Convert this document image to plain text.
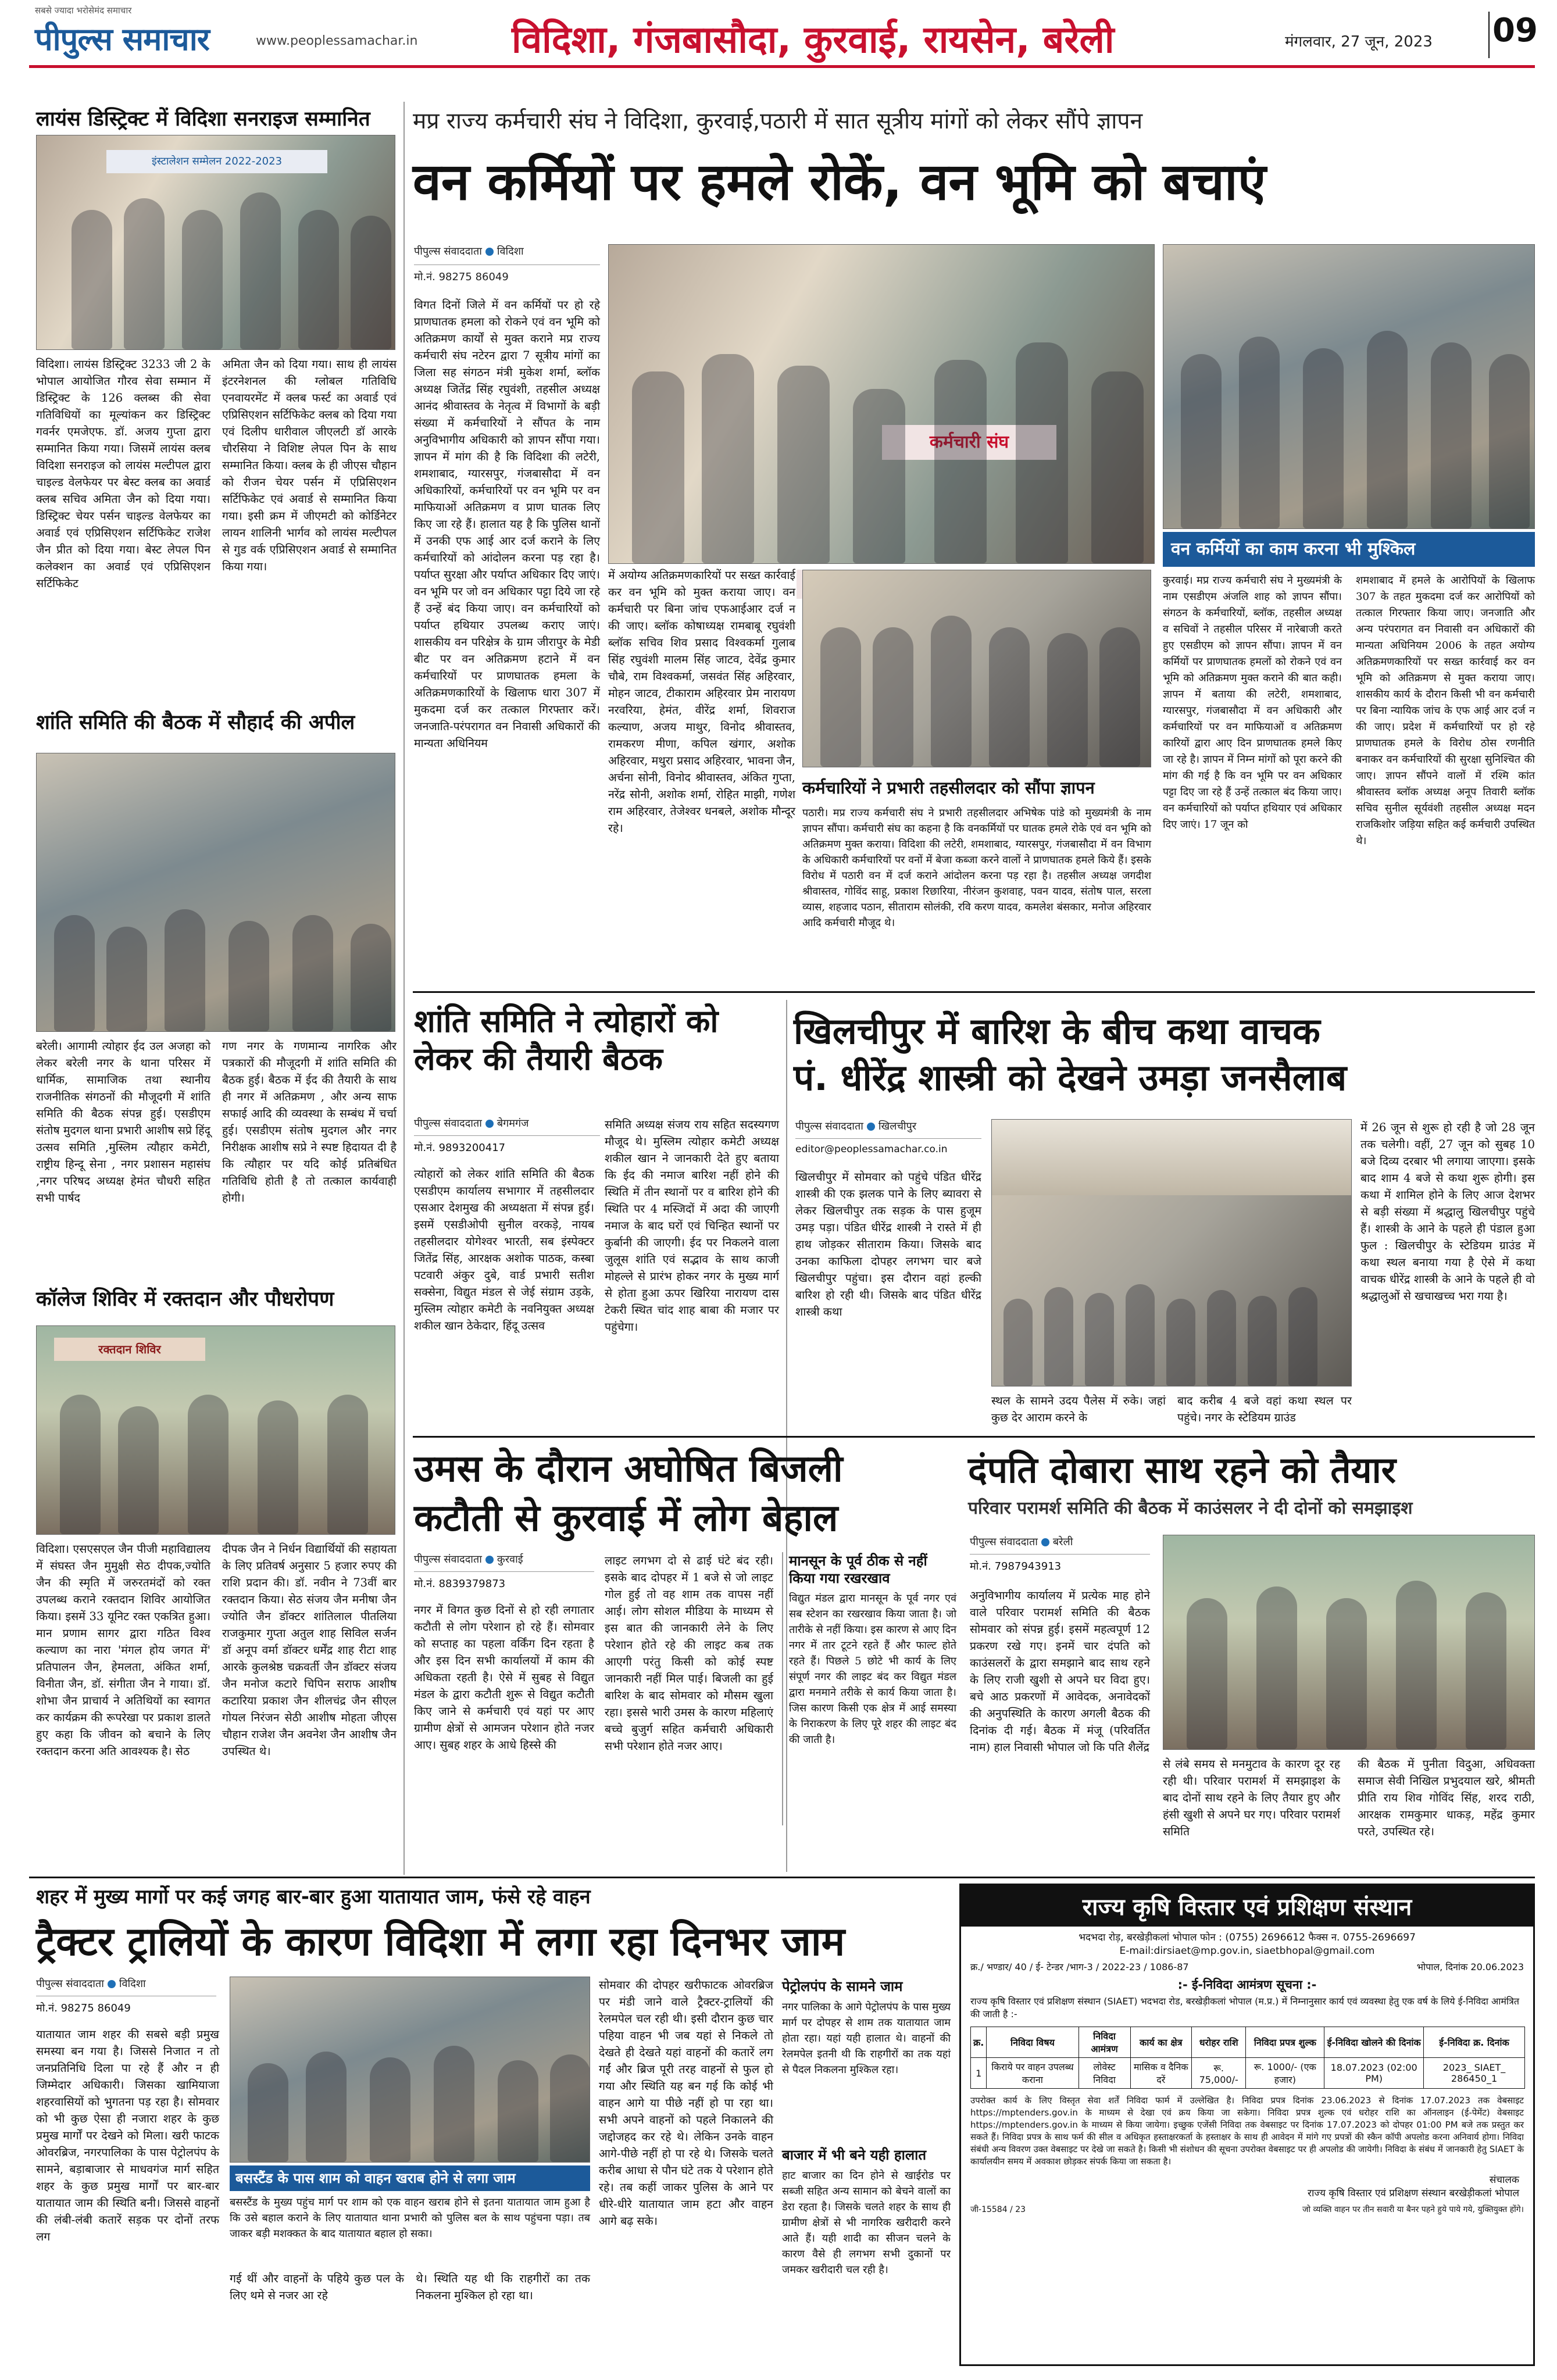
सबसे ज्यादा भरोसेमंद समाचार
पीपुल्स समाचार	www.peoplessamachar.in	विदिशा, गंजबासौदा, कुरवाई, रायसेन, बरेली	मंगलवार, 27 जून, 2023 09
लायंस डिस्ट्रिक्ट में विदिशा सनराइज सम्मानित
इंस्टालेशन सम्मेलन 2022-2023

विदिशा। लायंस डिस्ट्रिक्ट 3233 जी 2 के भोपाल आयोजित गौरव सेवा सम्मान में डिस्ट्रिक्ट के 126 क्लब्स की सेवा गतिविधियों का मूल्यांकन कर डिस्ट्रिक्ट गवर्नर एमजेएफ. डॉ. अजय गुप्ता द्वारा सम्मानित किया गया। जिसमें लायंस क्लब विदिशा सनराइज को लायंस मल्टीपल द्वारा चाइल्ड वेलफेयर पर बेस्ट क्लब का अवार्ड क्लब सचिव अमिता जैन को दिया गया। डिस्ट्रिक्ट चेयर पर्सन चाइल्ड वेलफेयर का अवार्ड एवं एप्रिसिएशन सर्टिफिकेट राजेश जैन प्रीत को दिया गया। बेस्ट लेपल पिन कलेक्शन का अवार्ड एवं एप्रिसिएशन सर्टिफिकेट

अमिता जैन को दिया गया। साथ ही लायंस इंटरनेशनल की ग्लोबल गतिविधि एनवायरमेंट में क्लब फर्स्ट का अवार्ड एवं एप्रिसिएशन सर्टिफिकेट क्लब को दिया गया एवं दिलीप धारीवाल जीएलटी डॉ आरके चौरसिया ने विशिष्ट लेपल पिन के साथ सम्मानित किया। क्लब के ही जीएस चौहान को रीजन चेयर पर्सन में एप्रिसिएशन सर्टिफिकेट एवं अवार्ड से सम्मानित किया गया। इसी क्रम में जीएमटी को कोर्डिनेटर लायन शालिनी भार्गव को लायंस मल्टीपल से गुड वर्क एप्रिसिएशन अवार्ड से सम्मानित किया गया।

शांति समिति की बैठक में सौहार्द की अपील

बरेली। आगामी त्योहार ईद उल अजहा को लेकर बरेली नगर के थाना परिसर में धार्मिक, सामाजिक तथा स्थानीय राजनीतिक संगठनों की मौजूदगी में शांति समिति की बैठक संपन्न हुई। एसडीएम संतोष मुदगल थाना प्रभारी आशीष सप्रे हिंदू उत्सव समिति ,मुस्लिम त्यौहार कमेटी, राष्ट्रीय हिन्दू सेना , नगर प्रशासन महासंघ ,नगर परिषद अध्यक्ष हेमंत चौधरी सहित सभी पार्षद

गण नगर के गणमान्य नागरिक और पत्रकारों की मौजूदगी में शांति समिति की बैठक हुई। बैठक में ईद की तैयारी के साथ ही नगर में अतिक्रमण , और अन्य साफ सफाई आदि की व्यवस्था के सम्बंध में चर्चा हुई। एसडीएम संतोष मुदगल और नगर निरीक्षक आशीष सप्रे ने स्पष्ट हिदायत दी है कि त्यौहार पर यदि कोई प्रतिबंधित गतिविधि होती है तो तत्काल कार्यवाही होगी।

कॉलेज शिविर में रक्तदान और पौधरोपण
रक्तदान शिविर

विदिशा। एसएसएल जैन पीजी महाविद्यालय में संघस्त जैन मुमुक्षी सेठ दीपक,ज्योति जैन की स्मृति में जरुरतमंदों को रक्त उपलब्ध कराने रक्तदान शिविर आयोजित किया। इसमें 33 यूनिट रक्त एकत्रित हुआ। मान प्रणाम सागर द्वारा गठित विश्व कल्याण का नारा 'मंगल होय जगत में' प्रतिपालन जैन, हेमलता, अंकित शर्मा, विनीता जैन, डॉ. संगीता जैन ने गाया। डॉ. शोभा जैन प्राचार्य ने अतिथियों का स्वागत कर कार्यक्रम की रूपरेखा पर प्रकाश डालते हुए कहा कि जीवन को बचाने के लिए रक्तदान करना अति आवश्यक है। सेठ

दीपक जैन ने निर्धन विद्यार्थियों की सहायता के लिए प्रतिवर्ष अनुसार 5 हजार रुपए की राशि प्रदान की। डॉ. नवीन ने 73वीं बार रक्तदान किया। सेठ संजय जैन मनीषा जैन ज्योति जैन डॉक्टर शांतिलाल पीतलिया राजकुमार गुप्ता अतुल शाह सिविल सर्जन डॉ अनूप वर्मा डॉक्टर धर्मेंद्र शाह रीटा शाह आरके कुलश्रेष्ठ चक्रवर्ती जैन डॉक्टर संजय जैन मनोज कटारे चिपिन सराफ आशीष कटारिया प्रकाश जैन शीलचंद्र जैन सीएल गोयल निरंजन सेठी आशीष मोहता जीएस चौहान राजेश जैन अवनेश जैन आशीष जैन उपस्थित थे।

मप्र राज्य कर्मचारी संघ ने विदिशा, कुरवाई,पठारी में सात सूत्रीय मांगों को लेकर सौंपे ज्ञापन
वन कर्मियों पर हमले रोकें, वन भूमि को बचाएं
पीपुल्स संवाददाता विदिशा
मो.नं. 98275 86049

विगत दिनों जिले में वन कर्मियों पर हो रहे प्राणघातक हमला को रोकने एवं वन भूमि को अतिक्रमण कार्यों से मुक्त कराने मप्र राज्य कर्मचारी संघ नटेरन द्वारा 7 सूत्रीय मांगों का जिला सह संगठन मंत्री मुकेश शर्मा, ब्लॉक अध्यक्ष जितेंद्र सिंह रघुवंशी, तहसील अध्यक्ष आनंद श्रीवास्तव के नेतृत्व में विभागों के बड़ी संख्या में कर्मचारियों ने सौंपत के नाम अनुविभागीय अधिकारी को ज्ञापन सौंपा गया। ज्ञापन में मांग की है कि विदिशा की लटेरी, शमशाबाद, ग्यारसपुर, गंजबासौदा में वन अधिकारियों, कर्मचारियों पर वन भूमि पर वन माफियाओं अतिक्रमण व प्राण घातक लिए किए जा रहे हैं। हालात यह है कि पुलिस थानों में उनकी एफ आई आर दर्ज कराने के लिए कर्मचारियों को आंदोलन करना पड़ रहा है। पर्याप्त सुरक्षा और पर्याप्त अधिकार दिए जाएं। वन भूमि पर जो वन अधिकार पट्टा दिये जा रहे हैं उन्हें बंद किया जाए। वन कर्मचारियों को पर्याप्त हथियार उपलब्ध कराए जाएं। शासकीय वन परिक्षेत्र के ग्राम जीरापुर के मेडी बीट पर वन अतिक्रमण हटाने में वन कर्मचारियों पर प्राणघातक हमला के अतिक्रमणकारियों के खिलाफ धारा 307 में मुकदमा दर्ज कर तत्काल गिरफ्तार करें। जनजाति-परंपरागत वन निवासी अधिकारों की मान्यता अधिनियम

में अयोग्य अतिक्रमणकारियों पर सख्त कार्रवाई कर वन भूमि को मुक्त कराया जाए। वन कर्मचारी पर बिना जांच एफआईआर दर्ज न की जाए। ब्लॉक कोषाध्यक्ष रामबाबू रघुवंशी ब्लॉक सचिव शिव प्रसाद विश्वकर्मा गुलाब सिंह रघुवंशी मालम सिंह जाटव, देवेंद्र कुमार चौबे, राम विश्वकर्मा, जसवंत सिंह अहिरवार, मोहन जाटव, टीकाराम अहिरवार प्रेम नारायण नरवरिया, हेमंत, वीरेंद्र शर्मा, शिवराज कल्याण, अजय माथुर, विनोद श्रीवास्तव, रामकरण मीणा, कपिल खंगार, अशोक अहिरवार, मथुरा प्रसाद अहिरवार, भावना जैन, अर्चना सोनी, विनोद श्रीवास्तव, अंकित गुप्ता, नरेंद्र सोनी, अशोक शर्मा, रोहित माझी, गणेश राम अहिरवार, तेजेश्वर धनबले, अशोक मौन्दूर रहे।

कर्मचारी संघ
कर्मचारियों ने प्रभारी तहसीलदार को सौंपा ज्ञापन

पठारी। मप्र राज्य कर्मचारी संघ ने प्रभारी तहसीलदार अभिषेक पांडे को मुख्यमंत्री के नाम ज्ञापन सौंपा। कर्मचारी संघ का कहना है कि वनकर्मियों पर घातक हमले रोके एवं वन भूमि को अतिक्रमण मुक्त कराया। विदिशा की लटेरी, शमशाबाद, ग्यारसपुर, गंजबासौदा में वन विभाग के अधिकारी कर्मचारियों पर वनों में बेजा कब्जा करने वालों ने प्राणघातक हमले किये हैं। इसके विरोध में पठारी वन में दर्ज कराने आंदोलन करना पड़ रहा है। तहसील अध्यक्ष जगदीश श्रीवास्तव, गोविंद साहू, प्रकाश रिछारिया, नीरंजन कुशवाह, पवन यादव, संतोष पाल, सरला व्यास, शहजाद पठान, सीताराम सोलंकी, रवि करण यादव, कमलेश बंसकार, मनोज अहिरवार आदि कर्मचारी मौजूद थे।

वन कर्मियों का काम करना भी मुश्किल

कुरवाई। मप्र राज्य कर्मचारी संघ ने मुख्यमंत्री के नाम एसडीएम अंजलि शाह को ज्ञापन सौंपा। संगठन के कर्मचारियों, ब्लॉक, तहसील अध्यक्ष व सचिवों ने तहसील परिसर में नारेबाजी करते हुए एसडीएम को ज्ञापन सौंपा। ज्ञापन में वन कर्मियों पर प्राणघातक हमलों को रोकने एवं वन भूमि को अतिक्रमण मुक्त कराने की बात कही। ज्ञापन में बताया की लटेरी, शमशाबाद, ग्यारसपुर, गंजबासौदा में वन अधिकारी और कर्मचारियों पर वन माफियाओं व अतिक्रमण कारियों द्वारा आए दिन प्राणघातक हमले किए जा रहे है। ज्ञापन में निम्न मांगों को पूरा करने की मांग की गई है कि वन भूमि पर वन अधिकार पट्टा दिए जा रहे हैं उन्हें तत्काल बंद किया जाए। वन कर्मचारियों को पर्याप्त हथियार एवं अधिकार दिए जाएं। 17 जून को

शमशाबाद में हमले के आरोपियों के खिलाफ 307 के तहत मुकदमा दर्ज कर आरोपियों को तत्काल गिरफ्तार किया जाए। जनजाति और अन्य परंपरागत वन निवासी वन अधिकारों की मान्यता अधिनियम 2006 के तहत अयोग्य अतिक्रमणकारियों पर सख्त कार्रवाई कर वन भूमि को अतिक्रमण से मुक्त कराया जाए। शासकीय कार्य के दौरान किसी भी वन कर्मचारी पर बिना न्यायिक जांच के एफ आई आर दर्ज न की जाए। प्रदेश में कर्मचारियों पर हो रहे प्राणघातक हमले के विरोध ठोस रणनीति बनाकर वन कर्मचारियों की सुरक्षा सुनिश्चित की जाए। ज्ञापन सौंपने वालों में रश्मि कांत श्रीवास्तव ब्लॉक अध्यक्ष अनूप तिवारी ब्लॉक सचिव सुनील सूर्यवंशी तहसील अध्यक्ष मदन राजकिशोर जड़िया सहित कई कर्मचारी उपस्थित थे।

शांति समिति ने त्योहारों को लेकर की तैयारी बैठक
पीपुल्स संवाददाता बेगमगंज
मो.नं. 9893200417

त्योहारों को लेकर शांति समिति की बैठक एसडीएम कार्यालय सभागार में तहसीलदार एसआर देशमुख की अध्यक्षता में संपन्न हुई। इसमें एसडीओपी सुनील वरकड़े, नायब तहसीलदार योगेश्वर भारती, सब इंस्पेक्टर जितेंद्र सिंह, आरक्षक अशोक पाठक, कस्बा पटवारी अंकुर दुबे, वार्ड प्रभारी सतीश सक्सेना, विद्युत मंडल से जेई संग्राम उड़के, मुस्लिम त्योहार कमेटी के नवनियुक्त अध्यक्ष शकील खान ठेकेदार, हिंदू उत्सव

समिति अध्यक्ष संजय राय सहित सदस्यगण मौजूद थे। मुस्लिम त्योहार कमेटी अध्यक्ष शकील खान ने जानकारी देते हुए बताया कि ईद की नमाज बारिश नहीं होने की स्थिति में तीन स्थानों पर व बारिश होने की स्थिति पर 4 मस्जिदों में अदा की जाएगी नमाज के बाद घरों एवं चिन्हित स्थानों पर कुर्बानी की जाएगी। ईद पर निकलने वाला जुलूस शांति एवं सद्भाव के साथ काजी मोहल्ले से प्रारंभ होकर नगर के मुख्य मार्ग से होता हुआ ऊपर खिरिया नारायण दास टेकरी स्थित चांद शाह बाबा की मजार पर पहुंचेगा।

खिलचीपुर में बारिश के बीच कथा वाचक
पं. धीरेंद्र शास्त्री को देखने उमड़ा जनसैलाब
पीपुल्स संवाददाता खिलचीपुर
editor@peoplessamachar.co.in

खिलचीपुर में सोमवार को पहुंचे पंडित धीरेंद्र शास्त्री की एक झलक पाने के लिए ब्यावरा से लेकर खिलचीपुर तक सड़क के पास हुजूम उमड़ पड़ा। पंडित धीरेंद्र शास्त्री ने रास्ते में ही हाथ जोड़कर सीताराम किया। जिसके बाद उनका काफिला दोपहर लगभग चार बजे खिलचीपुर पहुंचा। इस दौरान वहां हल्की बारिश हो रही थी। जिसके बाद पंडित धीरेंद्र शास्त्री कथा

स्थल के सामने उदय पैलेस में रुके। जहां कुछ देर आराम करने के

बाद करीब 4 बजे वहां कथा स्थल पर पहुंचे। नगर के स्टेडियम ग्राउंड

में 26 जून से शुरू हो रही है जो 28 जून तक चलेगी। वहीं, 27 जून को सुबह 10 बजे दिव्य दरबार भी लगाया जाएगा। इसके बाद शाम 4 बजे से कथा शुरू होगी। इस कथा में शामिल होने के लिए आज देशभर से बड़ी संख्या में श्रद्धालु खिलचीपुर पहुंचे हैं। शास्त्री के आने के पहले ही पंडाल हुआ फुल : खिलचीपुर के स्टेडियम ग्राउंड में कथा स्थल बनाया गया है ऐसे में कथा वाचक धीरेंद्र शास्त्री के आने के पहले ही वो श्रद्धालुओं से खचाखच्च भरा गया है।

उमस के दौरान अघोषित बिजली
कटौती से कुरवाई में लोग बेहाल
पीपुल्स संवाददाता कुरवाई
मो.नं. 8839379873

नगर में विगत कुछ दिनों से हो रही लगातार कटौती से लोग परेशान हो रहे हैं। सोमवार को सप्ताह का पहला वर्किंग दिन रहता है और इस दिन सभी कार्यालयों में काम की अधिकता रहती है। ऐसे में सुबह से विद्युत मंडल के द्वारा कटौती शुरू से विद्युत कटौती किए जाने से कर्मचारी एवं यहां पर आए ग्रामीण क्षेत्रों से आमजन परेशान होते नजर आए। सुबह शहर के आधे हिस्से की

लाइट लगभग दो से ढाई घंटे बंद रही। इसके बाद दोपहर में 1 बजे से जो लाइट गोल हुई तो वह शाम तक वापस नहीं आई। लोग सोशल मीडिया के माध्यम से इस बात की जानकारी लेने के लिए परेशान होते रहे की लाइट कब तक आएगी परंतु किसी को कोई स्पष्ट जानकारी नहीं मिल पाई। बिजली का हुई बारिश के बाद सोमवार को मौसम खुला रहा। इससे भारी उमस के कारण महिलाएं बच्चे बुजुर्ग सहित कर्मचारी अधिकारी सभी परेशान होते नजर आए।

मानसून के पूर्व ठीक से नहीं किया गया रखरखाव

विद्युत मंडल द्वारा मानसून के पूर्व नगर एवं सब स्टेशन का रखरखाव किया जाता है। जो तारीके से नहीं किया। इस कारण से आए दिन नगर में तार टूटने रहते हैं और फाल्ट होते रहते हैं। पिछले 5 छोटे भी कार्य के लिए संपूर्ण नगर की लाइट बंद कर विद्युत मंडल द्वारा मनमाने तरीके से कार्य किया जाता है। जिस कारण किसी एक क्षेत्र में आई समस्या के निराकरण के लिए पूरे शहर की लाइट बंद की जाती है।

दंपति दोबारा साथ रहने को तैयार
परिवार परामर्श समिति की बैठक में काउंसलर ने दी दोनों को समझाइश
पीपुल्स संवाददाता बरेली
मो.नं. 7987943913

अनुविभागीय कार्यालय में प्रत्येक माह होने वाले परिवार परामर्श समिति की बैठक सोमवार को संपन्न हुई। इसमें महत्वपूर्ण 12 प्रकरण रखे गए। इनमें चार दंपति को काउंसलरों के द्वारा समझाने बाद साथ रहने के लिए राजी खुशी से अपने घर विदा हुए। बचे आठ प्रकरणों में आवेदक, अनावेदकों की अनुपस्थिति के कारण अगली बैठक की दिनांक दी गई। बैठक में मंजू (परिवर्तित नाम) हाल निवासी भोपाल जो कि पति शैलेंद्र

से लंबे समय से मनमुटाव के कारण दूर रह रही थी। परिवार परामर्श में समझाइश के बाद दोनों साथ रहने के लिए तैयार हुए और हंसी खुशी से अपने घर गए। परिवार परामर्श समिति

की बैठक में पुनीता विदुआ, अधिवक्ता समाज सेवी निखिल प्रभुदयाल खरे, श्रीमती प्रीति राय शिव गोविंद सिंह, शरद राठी, आरक्षक रामकुमार धाकड़, महेंद्र कुमार परते, उपस्थित रहे।

शहर में मुख्य मार्गो पर कई जगह बार-बार हुआ यातायात जाम, फंसे रहे वाहन
ट्रैक्टर ट्रालियों के कारण विदिशा में लगा रहा दिनभर जाम
पीपुल्स संवाददाता विदिशा
मो.नं. 98275 86049

यातायात जाम शहर की सबसे बड़ी प्रमुख समस्या बन गया है। जिससे निजात न तो जनप्रतिनिधि दिला पा रहे हैं और न ही जिम्मेदार अधिकारी। जिसका खामियाजा शहरवासियों को भुगतना पड़ रहा है। सोमवार को भी कुछ ऐसा ही नजारा शहर के कुछ प्रमुख मार्गों पर देखने को मिला। खरी फाटक ओवरब्रिज, नगरपालिका के पास पेट्रोलपंप के सामने, बड़ाबाजार से माधवगंज मार्ग सहित शहर के कुछ प्रमुख मार्गों पर बार-बार यातायात जाम की स्थिति बनी। जिससे वाहनों की लंबी-लंबी कतारें सड़क पर दोनों तरफ लग

बसस्टैंड के पास शाम को वाहन खराब होने से लगा जाम

बसस्टैंड के मुख्य पहुंच मार्ग पर शाम को एक वाहन खराब होने से इतना यातायात जाम हुआ है कि उसे बहाल कराने के लिए यातायात थाना प्रभारी को पुलिस बल के साथ पहुंचना पड़ा। तब जाकर बड़ी मशक्कत के बाद यातायात बहाल हो सका।

गई थीं और वाहनों के पहिये कुछ पल के लिए थमे से नजर आ रहे

थे। स्थिति यह थी कि राहगीरों का तक निकलना मुश्किल हो रहा था।

सोमवार की दोपहर खरीफाटक ओवरब्रिज पर मंडी जाने वाले ट्रैक्टर-ट्रालियों की रेलमपेल चल रही थी। इसी दौरान कुछ चार पहिया वाहन भी जब यहां से निकले तो देखते ही देखते यहां वाहनों की कतारें लग गईं और ब्रिज पूरी तरह वाहनों से फुल हो गया और स्थिति यह बन गई कि कोई भी वाहन आगे या पीछे नहीं हो पा रहा था। सभी अपने वाहनों को पहले निकालने की जद्दोजहद कर रहे थे। लेकिन उनके वाहन आगे-पीछे नहीं हो पा रहे थे। जिसके चलते करीब आधा से पौन घंटे तक ये परेशान होते रहे। तब कहीं जाकर पुलिस के आने पर धीरे-धीरे यातायात जाम हटा और वाहन आगे बढ़ सके।

पेट्रोलपंप के सामने जाम

नगर पालिका के आगे पेट्रोलपंप के पास मुख्य मार्ग पर दोपहर से शाम तक यातायात जाम होता रहा। यहां यही हालात थे। वाहनों की रेलमपेल इतनी थी कि राहगीरों का तक यहां से पैदल निकलना मुश्किल रहा।

बाजार में भी बने यही हालात

हाट बाजार का दिन होने से खाईरोड पर सब्जी सहित अन्य सामान को बेचने वालों का डेरा रहता है। जिसके चलते शहर के साथ ही ग्रामीण क्षेत्रों से भी नागरिक खरीदारी करने आते हैं। यही शादी का सीजन चलने के कारण वैसे ही लगभग सभी दुकानों पर जमकर खरीदारी चल रही है।

राज्य कृषि विस्तार एवं प्रशिक्षण संस्थान
भदभदा रोड़, बरखेड़ीकलां भोपाल फोन : (0755) 2696612 फैक्स न. 0755-2696697
E-mail:dirsiaet@mp.gov.in, siaetbhopal@gmail.com
क्र./ भण्डार/ 40 / ई- टेन्डर /भाग-3 / 2022-23 / 1086-87	भोपाल, दिनांक 20.06.2023
:- ई-निविदा आमंत्रण सूचना :-
राज्य कृषि विस्तार एवं प्रशिक्षण संस्थान (SIAET) भदभदा रोड, बरखेड़ीकलां भोपाल (म.प्र.) में निम्नानुसार कार्य एवं व्यवस्था हेतु एक वर्ष के लिये ई-निविदा आमंत्रित की जाती है :-
क्र.	निविदा विषय	निविदा आमंत्रण	कार्य का क्षेत्र	धरोहर राशि	निविदा प्रपत्र शुल्क	ई-निविदा खोलने की दिनांक	ई-निविदा क्र. दिनांक
1	किराये पर वाहन उपलब्ध कराना	लोवेस्ट निविदा	मासिक व दैनिक दरें	रू. 75,000/-	रू. 1000/- (एक हजार)	18.07.2023 (02:00 PM)	2023_ SIAET_ 286450_1
उपरोक्त कार्य के लिए विस्तृत सेवा शर्तें निविदा फार्म में उल्लेखित है। निविदा प्रपत्र दिनांक 23.06.2023 से दिनांक 17.07.2023 तक वेबसाइट https://mptenders.gov.in के माध्यम से देखा एवं क्रय किया जा सकेगा। निविदा प्रपत्र शुल्क एवं धरोहर राशि का ऑनलाइन (ई-पेमेंट) वेबसाइट https://mptenders.gov.in के माध्यम से किया जायेगा। इच्छुक एजेंसी निविदा तक वेबसाइट पर दिनांक 17.07.2023 को दोपहर 01:00 PM बजे तक प्रस्तुत कर सकते हैं। निविदा प्रपत्र के साथ फर्म की सील व अधिकृत हस्ताक्षरकर्ता के हस्ताक्षर के साथ ही आवेदन में मांगे गए प्रपत्रों की स्कैन कॉपी अपलोड करना अनिवार्य होगा। निविदा संबंधी अन्य विवरण उक्त वेबसाइट पर देखे जा सकते है। किसी भी संशोधन की सूचना उपरोक्त वेबसाइट पर ही अपलोड की जायेगी। निविदा के संबंध में जानकारी हेतु SIAET के कार्यालयीन समय में अवकाश छोड़कर संपर्क किया जा सकता है।
संचालक
राज्य कृषि विस्तार एवं प्रशिक्षण संस्थान बरखेड़ीकलां भोपाल
जी-15584 / 23	जो व्यक्ति वाहन पर तीन सवारी या बैनर पहने हुये पाये गये, युक्तियुक्त होंगे।
